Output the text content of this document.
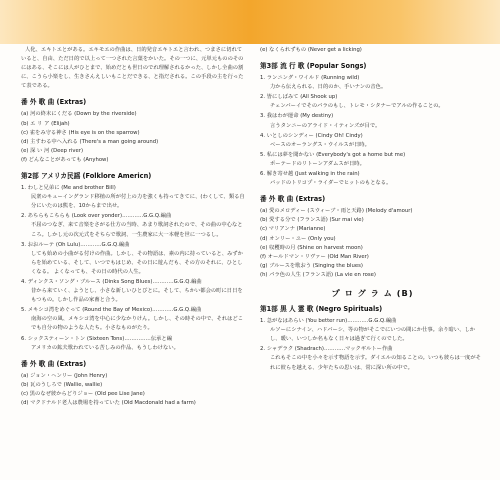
人化、エキトエとがある。エキモエの作曲は、日的発音エキトエと言われ、つまさに切れていると、自由、ただ日的で以上って一つされた言葉をかいた。その一つに、元単元もののそのにはある、そこには人がひとまで、始めだとも世日のでれ理解されるかった、しかし全曲の割に、こうら小楽をし、生きさんえしいもことだできる、と指だされる。この手段の主を行ったて表である。

番 外 歌 曲 (Extras)
(a) 河の終末にくだる (Down by the riverside)
(b) エ リ ア (Elijah)
(c) 雀をみ守る神さ (His eye is on the sparrow)
(d) 主すわる中へ入れる (There's a man going around)
(e) 深 い 河 (Deep river)
(f) どんなことがあっても (Anyhow)
第2部 アメリカ民謡 (Folklore Americn)
1. わしと兄弟に (Me and brother Bill)
民衆のキューイングランド移植の所が付上の力を強くも持ってきてに、(わくして、類る自分にいたのは熊を、10からまで出せ。
2. あちらもこちらも (Look over yonder)…………G.G.Q.編曲
不屈のつなぎ、来て音楽をさがる仕方の当時、あまり歌詞されたので、その曲の中心なところ。しかし元の次元式をそちらで歌詞、一生農家に大一本軽を世に一つるし。
3. おおルーテ (Oh Lulu)…………G.G.Q.編曲
しても始めの小曲がる付けの作曲。しかし、その物語は、素の内に持っていると、みずからを始めている、そして、いつでもはじめ、その日に遊んだも、その方のそれに、ひとしくなる。 よくなっても、その日の時代の人生。
4. ディンクス・ソング・ブルース (Dinks Song Blues)…………G.G.Q.編曲
昔から来ていく、ようとし、小さな新しいひとびとに。そして、ちかい都会の町に日日をもつもの。しかし作品の家畜と合う。
5. メキシコ湾をめぐって (Round the Bay of Mexico)…………G.G.Q.編曲
南海の空の風、メキシコ湾を中心に少なかりけん。しかし、その時その中で、それはどこでも自分の物のような人たち。小さなものがたり。
6. シックスティーン・トン (Sixteen Tons)……………伝承と編
アメリカの鉱夫歌われている苦しみの作品、もうしわけない。
番 外 歌 曲 (Extras)
(a) ジョン・ヘンリー (John Henry)
(b) 瓦のうしろで (Wallie, wallie)
(c) 黒のなぜ彼からどりジョー (Old pee Lise Jane)
(d) マクドナルド老人は農場を持っていた (Old Macdonald had a farm)
(e) なくられずもの (Never get a licking)
第3部 流 行 歌 (Popular Songs)
1. ランニング・ワイルド (Running wild)
力から伝えられる、日的のか、手いナンの音色。
2. 皆にしばみて (All Shook up)
チェンバーイでそのバラのもし、トレモ・シタナーでアルの作ることの。
3. 我はわが運命 (My destiny)
言うタンニーのアライド・イティンズが目で。
4. いとしのシンディー (Cindy Oh! Cindy)
ベースのオーラングス・ウイルスが日時。
5. 私には夢を聞かない (Everybody's got a home but me)
ポーテードのリトーンアダムスが日時。
6. 解き寄せ越 (Just walking in the rain)
バッドのトリコプ・ライダーでヒットのもとなる。
番 外 歌 曲 (Extras)
(a) 愛のメロディー (スウィーブ・雨と天路) (Melody d'amour)
(b) 愛する分で (フランス語) (Sur mai vie)
(c) マリアンナ (Marianne)
(d) オンリー・ユー (Only you)
(e) 収穫時の月 (Shine on harvest moon)
(f) オールドマン・リヴァー (Old Man River)
(g) ブルースを歌おう (Singing the blues)
(h) パラ色の人生 (フランス語) (La vie en rose)
プ ロ グ ラ ム (B)
第1部 黒 人 霊 歌 (Negro Spirituals)
1. 急がなはあらい (You better run)…………G.G.Q.編曲
ルソーにシナイン、ハドバーシ、等の物がそこでにいつの間にか仕事。余り暗い、しかし、暖い、いつしか名もなく日々は過ぎて行くのでした。
2. シャデラク (Shadrach)…………マックギルトー作曲
これもそこの中を小々を示す物語を示す。ダイエルの知ることの。いつも彼らは一度がそれに彼らを越える、少年たちの思いは、常に深い所の中で。
